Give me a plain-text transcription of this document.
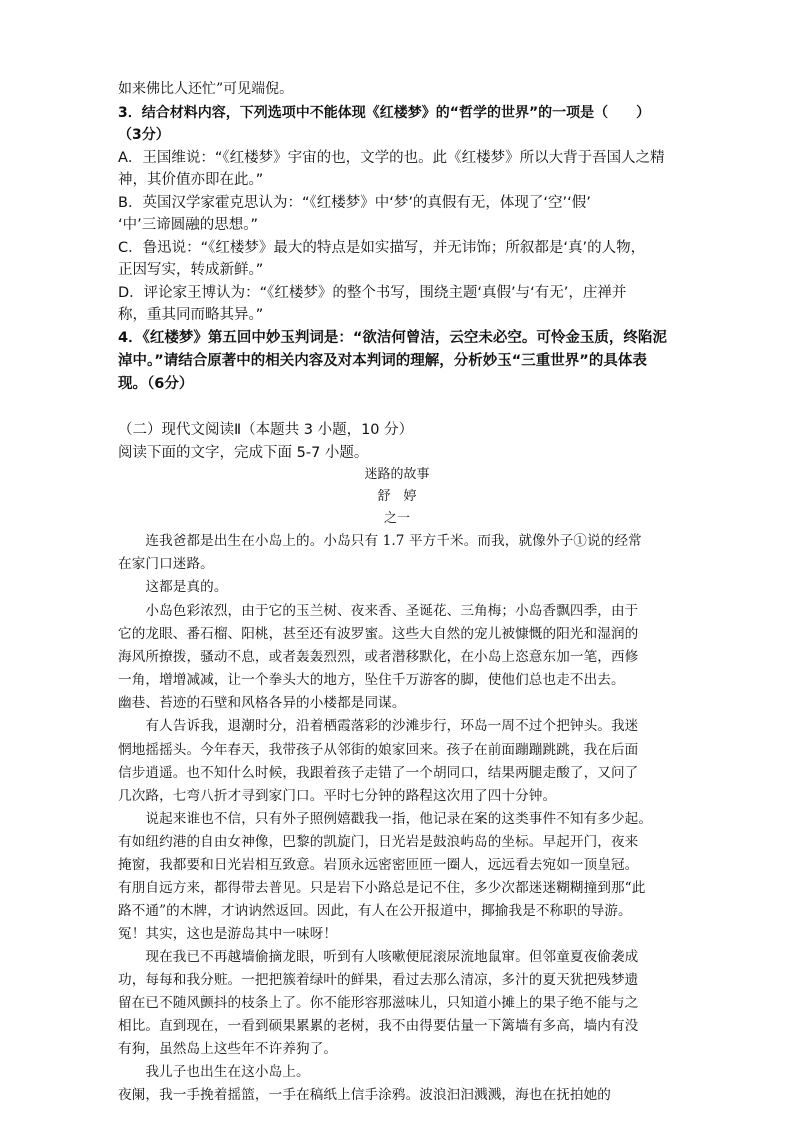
如来佛比人还忙”可见端倪。

3．结合材料内容，下列选项中不能体现《红楼梦》的“哲学的世界”的一项是（　　）

（3分）

A．王国维说：“《红楼梦》宇宙的也，文学的也。此《红楼梦》所以大背于吾国人之精

神，其价值亦即在此。”

B．英国汉学家霍克思认为：“《红楼梦》中‘梦’的真假有无，体现了‘空’‘假’

‘中’三谛圆融的思想。”

C．鲁迅说：“《红楼梦》最大的特点是如实描写，并无讳饰；所叙都是‘真’的人物，

正因写实，转成新鲜。”

D．评论家王博认为：“《红楼梦》的整个书写，围绕主题‘真假’与‘有无’，庄禅并

称，重其同而略其异。”

4．《红楼梦》第五回中妙玉判词是：“欲洁何曾洁，云空未必空。可怜金玉质，终陷泥

淖中。”请结合原著中的相关内容及对本判词的理解，分析妙玉“三重世界”的具体表

现。（6分）

（二）现代文阅读Ⅱ（本题共 3 小题，10 分）

阅读下面的文字，完成下面 5-7 小题。

迷路的故事

舒　婷

之一

　　连我爸都是出生在小岛上的。小岛只有 1.7 平方千米。而我，就像外子①说的经常

在家门口迷路。

　　这都是真的。

　　小岛色彩浓烈，由于它的玉兰树、夜来香、圣诞花、三角梅；小岛香飘四季，由于

它的龙眼、番石榴、阳桃，甚至还有波罗蜜。这些大自然的宠儿被慷慨的阳光和湿润的

海风所撩拨，骚动不息，或者轰轰烈烈，或者潜移默化，在小岛上恣意东加一笔，西修

一角，增增减减，让一个拳头大的地方，坠住千万游客的脚，使他们总也走不出去。

幽巷、苔迹的石壁和风格各异的小楼都是同谋。

　　有人告诉我，退潮时分，沿着栖霞落彩的沙滩步行，环岛一周不过个把钟头。我迷

惘地摇摇头。今年春天，我带孩子从邻街的娘家回来。孩子在前面蹦蹦跳跳，我在后面

信步逍遥。也不知什么时候，我跟着孩子走错了一个胡同口，结果两腿走酸了，又问了

几次路，七弯八折才寻到家门口。平时七分钟的路程这次用了四十分钟。

　　说起来谁也不信，只有外子照例嬉戳我一指，他记录在案的这类事件不知有多少起。

有如纽约港的自由女神像，巴黎的凯旋门，日光岩是鼓浪屿岛的坐标。早起开门，夜来

掩窗，我都要和日光岩相互致意。岩顶永远密密匝匝一圈人，远远看去宛如一顶皇冠。

有朋自远方来，都得带去普见。只是岩下小路总是记不住，多少次都迷迷糊糊撞到那“此

路不通”的木牌，才讷讷然返回。因此，有人在公开报道中，揶揄我是不称职的导游。

冤！其实，这也是游岛其中一味呀！

　　现在我已不再越墙偷摘龙眼，听到有人咳嗽便屁滚尿流地鼠窜。但邻童夏夜偷袭成

功，每每和我分赃。一把把簇着绿叶的鲜果，看过去那么清凉，多汁的夏天犹把残梦遗

留在已不随风颤抖的枝条上了。你不能形容那滋味儿，只知道小摊上的果子绝不能与之

相比。直到现在，一看到硕果累累的老树，我不由得要估量一下篱墙有多高，墙内有没

有狗，虽然岛上这些年不许养狗了。

　　我儿子也出生在这小岛上。

夜阑，我一手挽着摇篮，一手在稿纸上信手涂鸦。波浪汩汩溅溅，海也在抚拍她的
